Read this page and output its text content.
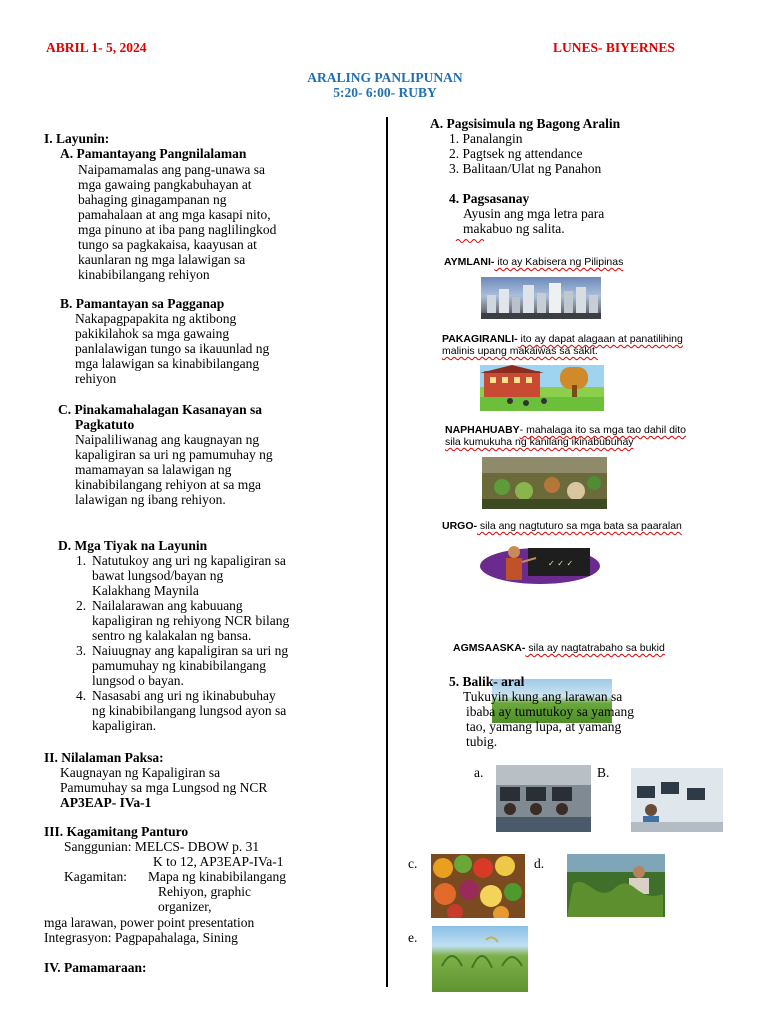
ABRIL 1- 5, 2024	LUNES- BIYERNES
ARALING PANLIPUNAN
5:20- 6:00- RUBY
I. Layunin:
A. Pamantayang Pangnilalaman
Naipamamalas ang pang-unawa sa
mga gawaing pangkabuhayan at
bahaging ginagampanan ng
pamahalaan at ang mga kasapi nito,
mga pinuno at iba pang naglilingkod
tungo sa pagkakaisa, kaayusan at
kaunlaran ng mga lalawigan sa
kinabibilangang rehiyon
B. Pamantayan sa Pagganap
Nakapagpapakita ng aktibong
pakikilahok sa mga gawaing
panlalawigan tungo sa ikauunlad ng
mga lalawigan sa kinabibilangang
rehiyon
C. Pinakamahalagan Kasanayan sa
Pagkatuto
Naipaliliwanag ang kaugnayan ng
kapaligiran sa uri ng pamumuhay ng
mamamayan sa lalawigan ng
kinabibilangang rehiyon at sa mga
lalawigan ng ibang rehiyon.
D. Mga Tiyak na Layunin
1. Natutukoy ang uri ng kapaligiran sa
bawat lungsod/bayan ng
Kalakhang Maynila
2. Nailalarawan ang kabuuang
kapaligiran ng rehiyong NCR bilang
sentro ng kalakalan ng bansa.
3. Naiuugnay ang kapaligiran sa uri ng
pamumuhay ng kinabibilangang
lungsod o bayan.
4. Nasasabi ang uri ng ikinabubuhay
ng kinabibilangang lungsod ayon sa
kapaligiran.
II. Nilalaman Paksa:
Kaugnayan ng Kapaligiran sa
Pamumuhay sa mga Lungsod ng NCR
AP3EAP- IVa-1
III. Kagamitang Panturo
Sanggunian: MELCS- DBOW p. 31
K to 12, AP3EAP-IVa-1
Kagamitan: Mapa ng kinabibilangang
Rehiyon, graphic
organizer,
mga larawan, power point presentation
Integrasyon: Pagpapahalaga, Sining
IV. Pamamaraan:
A. Pagsisimula ng Bagong Aralin
1. Panalangin
2. Pagtsek ng attendance
3. Balitaan/Ulat ng Panahon
4. Pagsasanay
Ayusin ang mga letra para
makabuo ng salita.
AYMLANI- ito ay Kabisera ng Pilipinas
PAKAGIRANLI- ito ay dapat alagaan at panatilihing
malinis upang makaiwas sa sakit.
NAPHAHUABY- mahalaga ito sa mga tao dahil dito
sila kumukuha ng kanilang ikinabubuhay
URGO- sila ang nagtuturo sa mga bata sa paaralan
✓ ✓ ✓
AGMSAASKA- sila ay nagtatrabaho sa bukid
5. Balik- aral
Tukuyin kung ang larawan sa
ibaba ay tumutukoy sa yamang
tao, yamang lupa, at yamang
tubig.
a.	B.
c.	d.
e.
